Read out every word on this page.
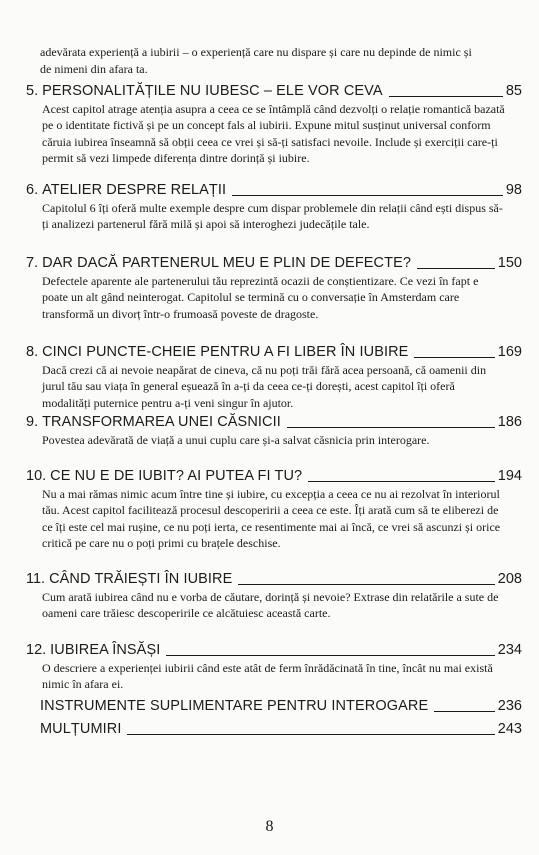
adevărata experiență a iubirii – o experiență care nu dispare și care nu depinde de nimic și de nimeni din afara ta.
5. PERSONALITĂȚILE NU IUBESC – ELE VOR CEVA	85
Acest capitol atrage atenția asupra a ceea ce se întâmplă când dezvolți o relație romantică bazată pe o identitate fictivă și pe un concept fals al iubirii. Expune mitul susținut universal conform căruia iubirea înseamnă să obții ceea ce vrei și să-ți satisfaci nevoile. Include și exerciții care-ți permit să vezi limpede diferența dintre dorință și iubire.
6. ATELIER DESPRE RELAȚII	98
Capitolul 6 îți oferă multe exemple despre cum dispar problemele din relații când ești dispus să-ți analizezi partenerul fără milă și apoi să interoghezi judecățile tale.
7. DAR DACĂ PARTENERUL MEU E PLIN DE DEFECTE?	150
Defectele aparente ale partenerului tău reprezintă ocazii de conștientizare. Ce vezi în fapt e poate un alt gând neinterogat. Capitolul se termină cu o conversație în Amsterdam care transformă un divorț într-o frumoasă poveste de dragoste.
8. CINCI PUNCTE-CHEIE PENTRU A FI LIBER ÎN IUBIRE	169
Dacă crezi că ai nevoie neapărat de cineva, că nu poți trăi fără acea persoană, că oamenii din jurul tău sau viața în general eșuează în a-ți da ceea ce-ți dorești, acest capitol îți oferă modalități puternice pentru a-ți veni singur în ajutor.
9. TRANSFORMAREA UNEI CĂSNICII	186
Povestea adevărată de viață a unui cuplu care și-a salvat căsnicia prin interogare.
10. CE NU E DE IUBIT? AI PUTEA FI TU?	194
Nu a mai rămas nimic acum între tine și iubire, cu excepția a ceea ce nu ai rezolvat în interiorul tău. Acest capitol facilitează procesul descoperirii a ceea ce este. Îți arată cum să te eliberezi de ce îți este cel mai rușine, ce nu poți ierta, ce resentimente mai ai încă, ce vrei să ascunzi și orice critică pe care nu o poți primi cu brațele deschise.
11. CÂND TRĂIEȘTI ÎN IUBIRE	208
Cum arată iubirea când nu e vorba de căutare, dorință și nevoie? Extrase din relatările a sute de oameni care trăiesc descoperirile ce alcătuiesc această carte.
12. IUBIREA ÎNSĂȘI	234
O descriere a experienței iubirii când este atât de ferm înrădăcinată în tine, încât nu mai există nimic în afara ei.
INSTRUMENTE SUPLIMENTARE PENTRU INTEROGARE	236
MULȚUMIRI	243
8
